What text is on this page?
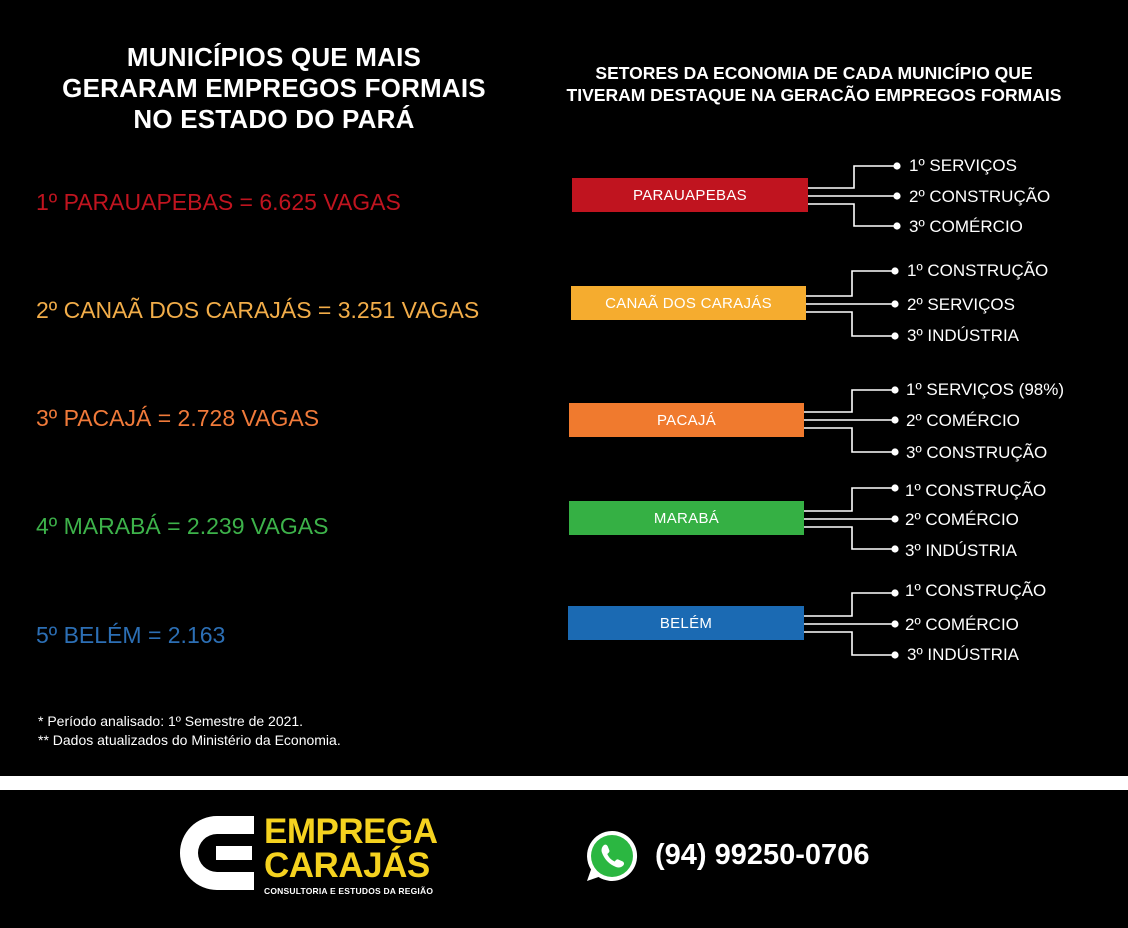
MUNICÍPIOS QUE MAIS
GERARAM EMPREGOS FORMAIS
NO ESTADO DO PARÁ
SETORES DA ECONOMIA DE CADA MUNICÍPIO QUE
TIVERAM DESTAQUE NA GERACÃO EMPREGOS FORMAIS
1º PARAUAPEBAS = 6.625 VAGAS
2º CANAÃ DOS CARAJÁS = 3.251 VAGAS
3º PACAJÁ = 2.728 VAGAS
4º MARABÁ = 2.239 VAGAS
5º BELÉM = 2.163
PARAUAPEBAS
CANAÃ DOS CARAJÁS
PACAJÁ
MARABÁ
BELÉM
1º SERVIÇOS
2º CONSTRUÇÃO
3º COMÉRCIO
1º CONSTRUÇÃO
2º SERVIÇOS
3º INDÚSTRIA
1º SERVIÇOS (98%)
2º COMÉRCIO
3º CONSTRUÇÃO
1º CONSTRUÇÃO
2º COMÉRCIO
3º INDÚSTRIA
1º CONSTRUÇÃO
2º COMÉRCIO
3º INDÚSTRIA
* Período analisado: 1º Semestre de 2021.
** Dados atualizados do Ministério da Economia.
EMPREGA
CARAJÁS
CONSULTORIA E ESTUDOS DA REGIÃO
(94) 99250-0706
